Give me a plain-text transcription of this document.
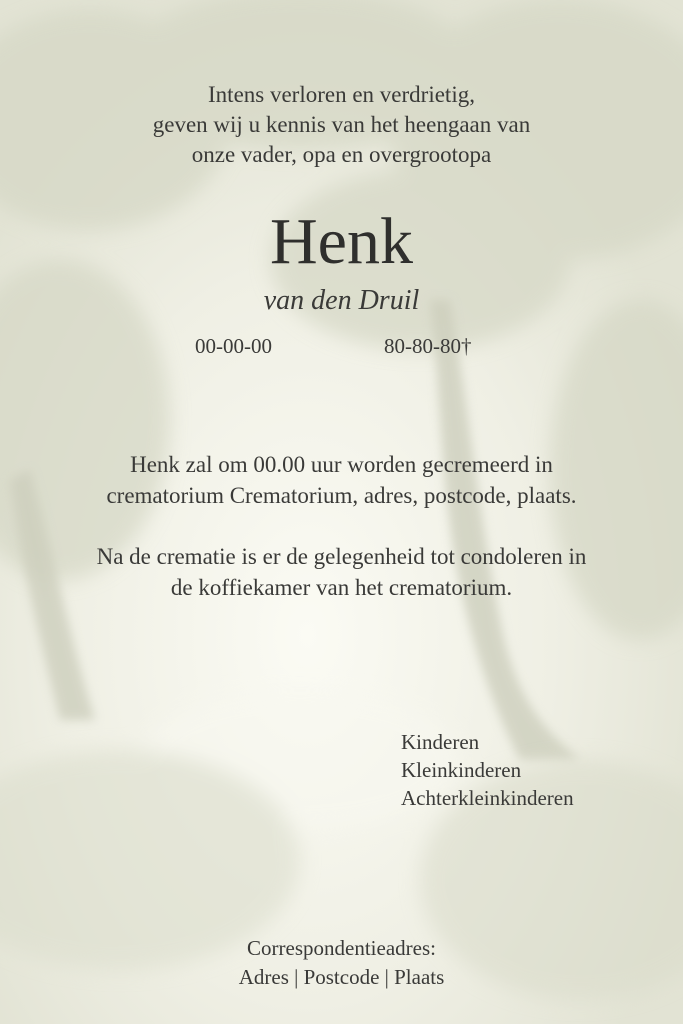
Intens verloren en verdrietig,
geven wij u kennis van het heengaan van
onze vader, opa en overgrootopa
Henk
van den Druil
00-00-00	80-80-80†
Henk zal om 00.00 uur worden gecremeerd in
crematorium Crematorium, adres, postcode, plaats.
Na de crematie is er de gelegenheid tot condoleren in
de koffiekamer van het crematorium.
Kinderen
Kleinkinderen
Achterkleinkinderen
Correspondentieadres:
Adres | Postcode | Plaats
